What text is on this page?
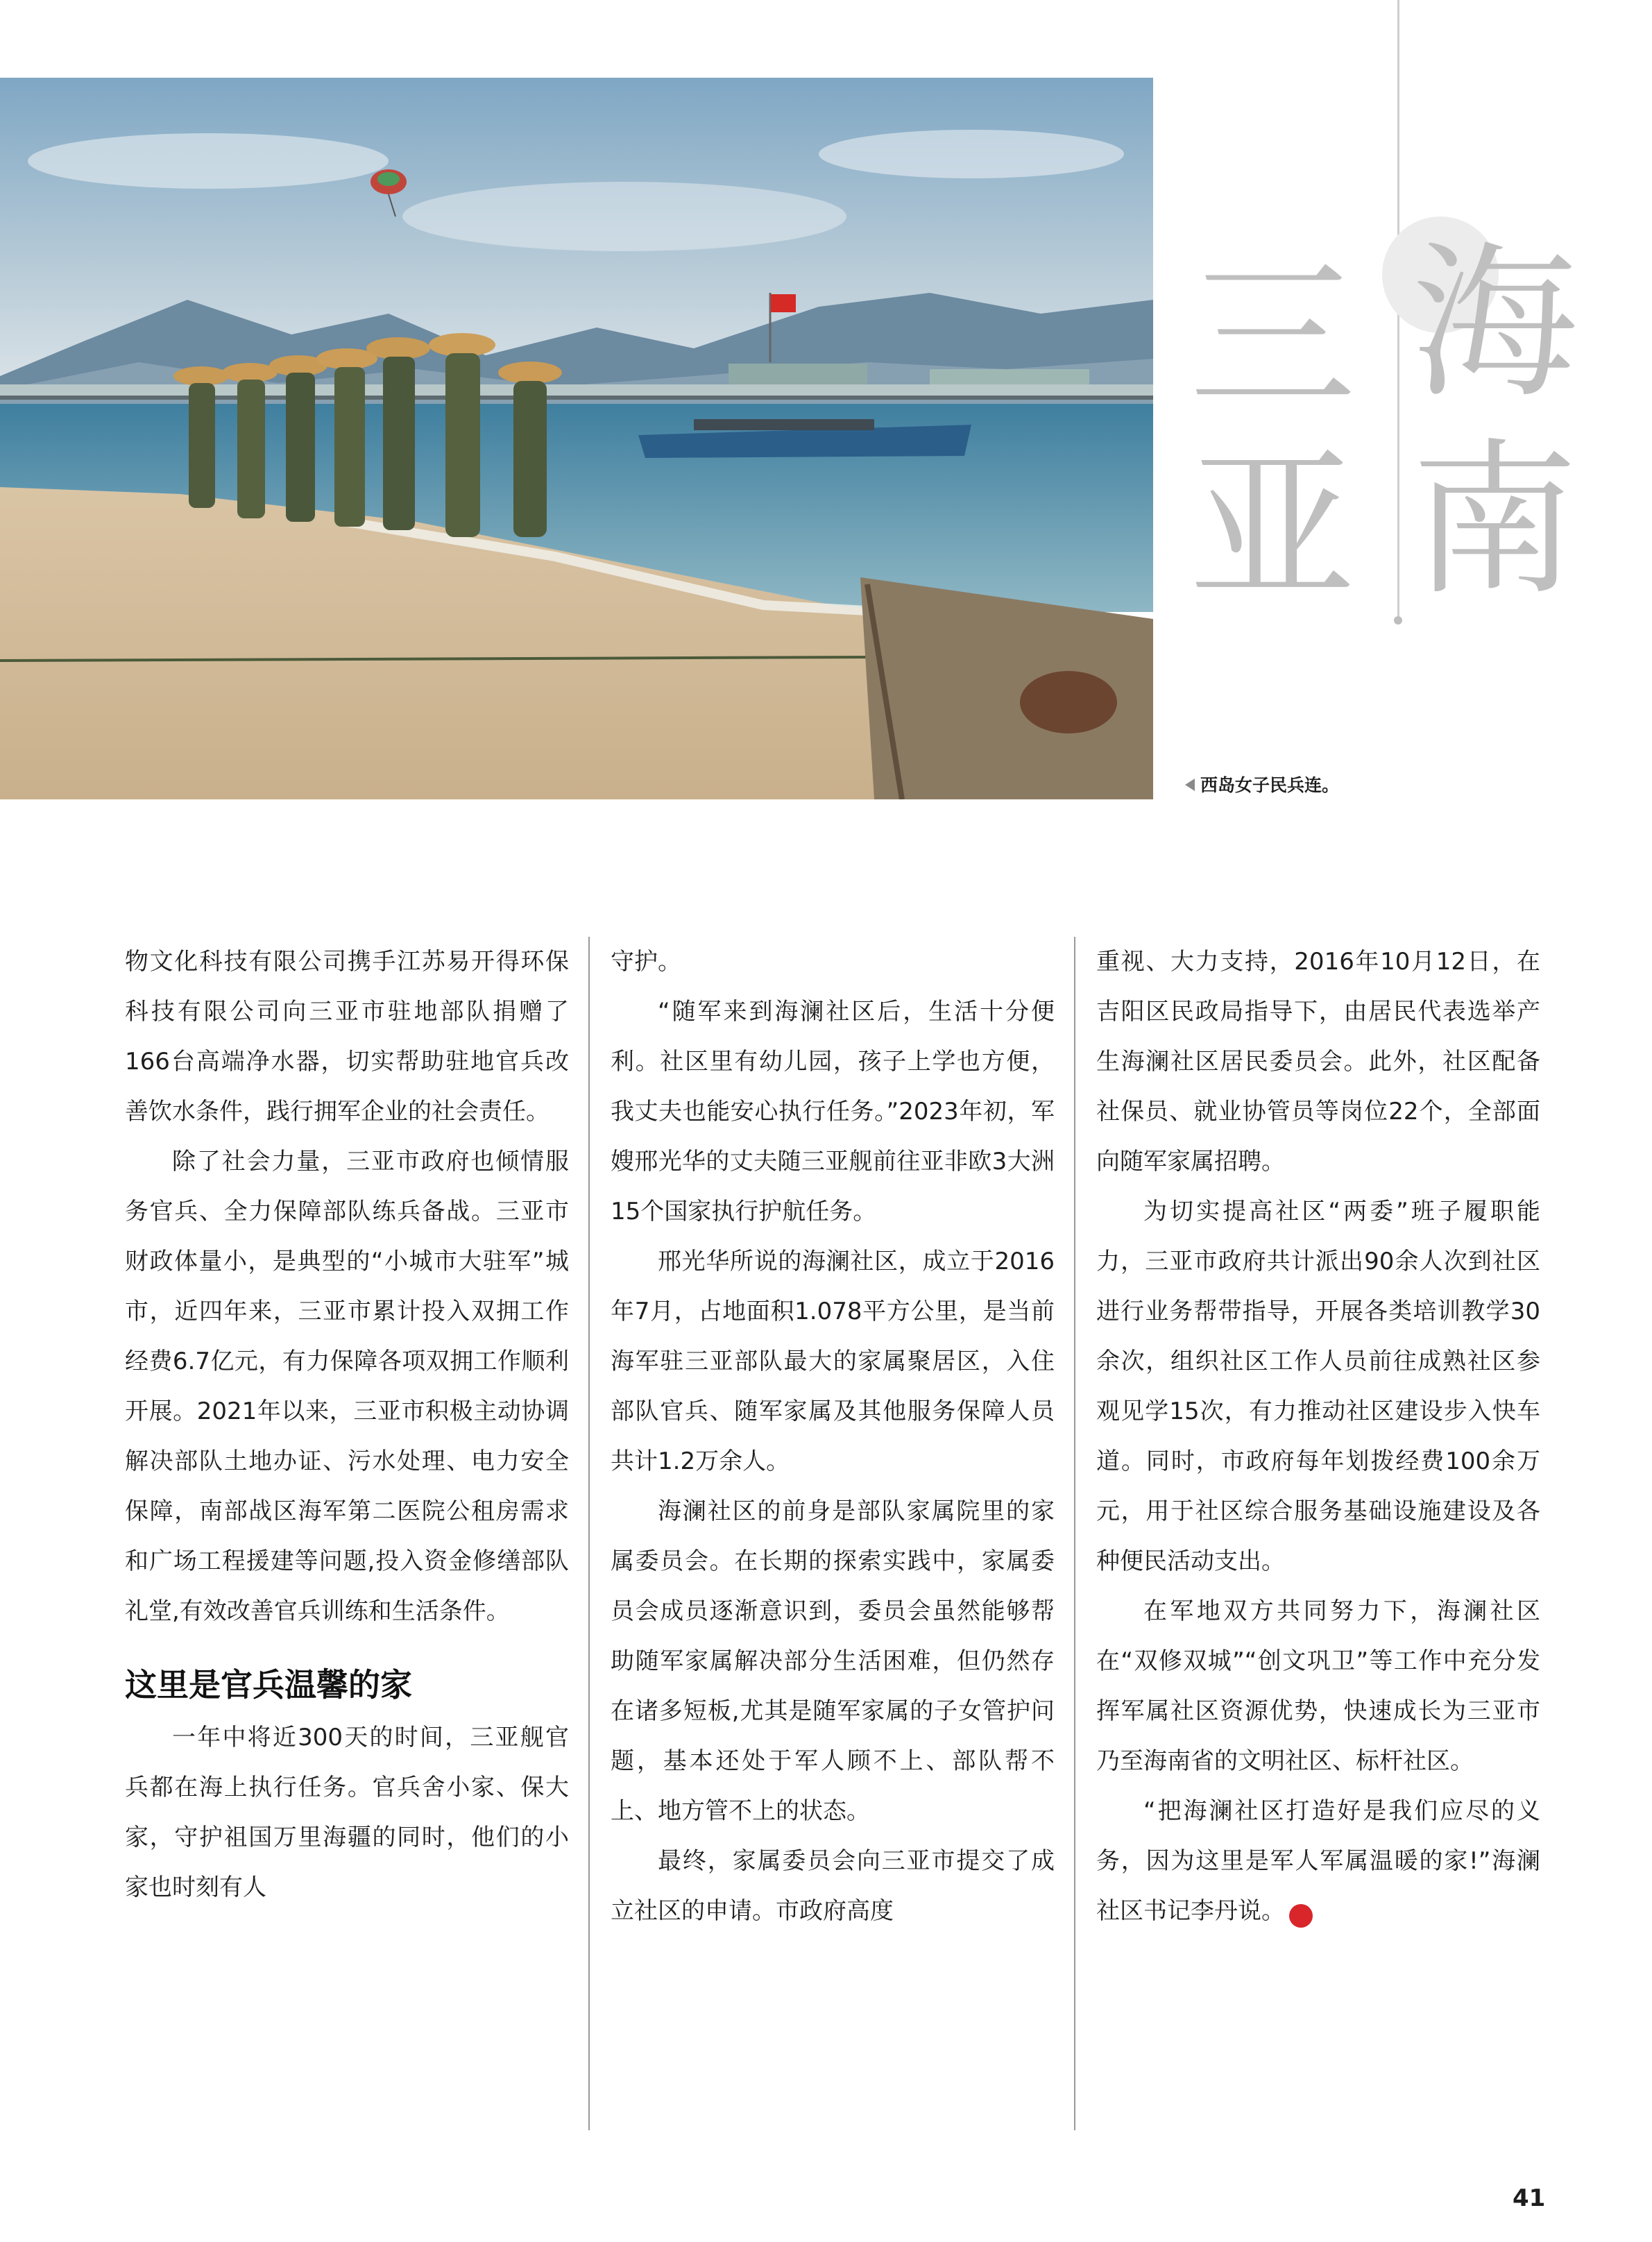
海
南
三
亚
西岛女子民兵连。

物文化科技有限公司携手江苏易开得环保科技有限公司向三亚市驻地部队捐赠了166台高端净水器，切实帮助驻地官兵改善饮水条件，践行拥军企业的社会责任。

除了社会力量，三亚市政府也倾情服务官兵、全力保障部队练兵备战。三亚市财政体量小，是典型的“小城市大驻军”城市，近四年来，三亚市累计投入双拥工作经费6.7亿元，有力保障各项双拥工作顺利开展。2021年以来，三亚市积极主动协调解决部队土地办证、污水处理、电力安全保障，南部战区海军第二医院公租房需求和广场工程援建等问题,投入资金修缮部队礼堂,有效改善官兵训练和生活条件。

这里是官兵温馨的家

一年中将近300天的时间，三亚舰官兵都在海上执行任务。官兵舍小家、保大家，守护祖国万里海疆的同时，他们的小家也时刻有人

守护。

“随军来到海澜社区后，生活十分便利。社区里有幼儿园，孩子上学也方便，我丈夫也能安心执行任务。”2023年初，军嫂邢光华的丈夫随三亚舰前往亚非欧3大洲15个国家执行护航任务。

邢光华所说的海澜社区，成立于2016年7月，占地面积1.078平方公里，是当前海军驻三亚部队最大的家属聚居区，入住部队官兵、随军家属及其他服务保障人员共计1.2万余人。

海澜社区的前身是部队家属院里的家属委员会。在长期的探索实践中，家属委员会成员逐渐意识到，委员会虽然能够帮助随军家属解决部分生活困难，但仍然存在诸多短板,尤其是随军家属的子女管护问题，基本还处于军人顾不上、部队帮不上、地方管不上的状态。

最终，家属委员会向三亚市提交了成立社区的申请。市政府高度

重视、大力支持，2016年10月12日，在吉阳区民政局指导下，由居民代表选举产生海澜社区居民委员会。此外，社区配备社保员、就业协管员等岗位22个，全部面向随军家属招聘。

为切实提高社区“两委”班子履职能力，三亚市政府共计派出90余人次到社区进行业务帮带指导，开展各类培训教学30余次，组织社区工作人员前往成熟社区参观见学15次，有力推动社区建设步入快车道。同时，市政府每年划拨经费100余万元，用于社区综合服务基础设施建设及各种便民活动支出。

在军地双方共同努力下，海澜社区在“双修双城”“创文巩卫”等工作中充分发挥军属社区资源优势，快速成长为三亚市乃至海南省的文明社区、标杆社区。

“把海澜社区打造好是我们应尽的义务，因为这里是军人军属温暖的家!”海澜社区书记李丹说。	N

41
